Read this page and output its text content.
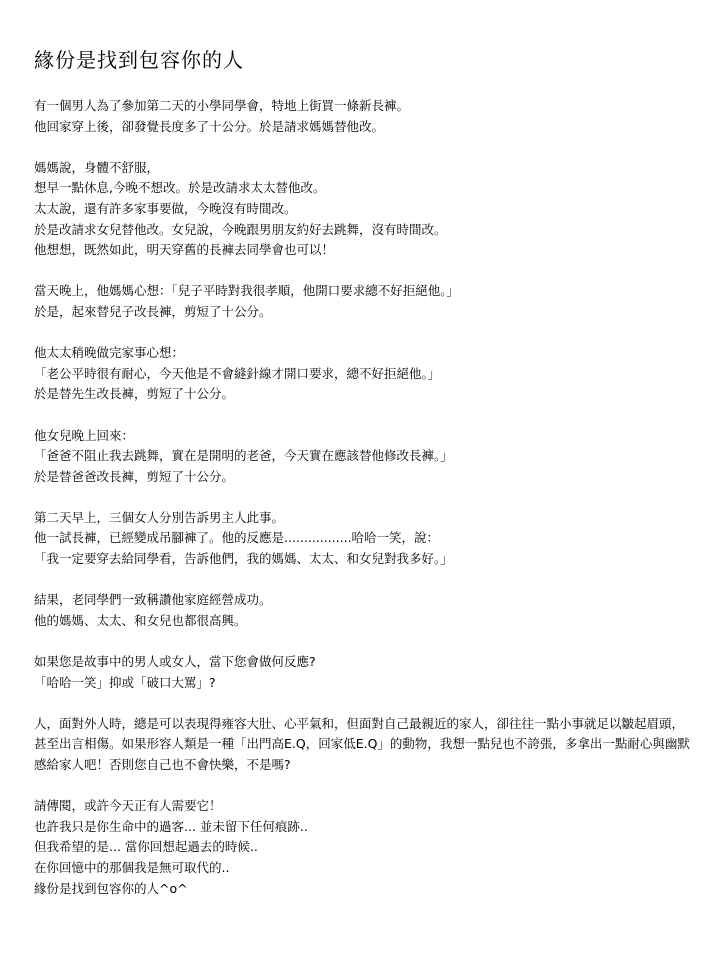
緣份是找到包容你的人
有一個男人為了參加第二天的小學同學會，特地上街買一條新長褲。
他回家穿上後，卻發覺長度多了十公分。於是請求媽媽替他改。
媽媽說，身體不舒服，
想早一點休息,今晚不想改。於是改請求太太替他改。
太太說，還有許多家事要做，今晚沒有時間改。
於是改請求女兒替他改。女兒說，今晚跟男朋友約好去跳舞，沒有時間改。
他想想，既然如此，明天穿舊的長褲去同學會也可以！
當天晚上，他媽媽心想：「兒子平時對我很孝順，他開口要求總不好拒絕他。」
於是，起來替兒子改長褲，剪短了十公分。
他太太稍晚做完家事心想：
「老公平時很有耐心，今天他是不會縫針線才開口要求，總不好拒絕他。」
於是替先生改長褲，剪短了十公分。
他女兒晚上回來：
「爸爸不阻止我去跳舞，實在是開明的老爸，今天實在應該替他修改長褲。」
於是替爸爸改長褲，剪短了十公分。
第二天早上，三個女人分別告訴男主人此事。
他一試長褲，已經變成吊腳褲了。他的反應是.................哈哈一笑，說：
「我一定要穿去給同學看，告訴他們，我的媽媽、太太、和女兒對我多好。」
結果，老同學們一致稱讚他家庭經營成功。
他的媽媽、太太、和女兒也都很高興。
如果您是故事中的男人或女人，當下您會做何反應?
「哈哈一笑」抑或「破口大罵」?
人，面對外人時，總是可以表現得雍容大肚、心平氣和，但面對自己最親近的家人，卻往往一點小事就足以皺起眉頭，甚至出言相傷。如果形容人類是一種「出門高E.Q，回家低E.Q」的動物，我想一點兒也不誇張，多拿出一點耐心與幽默感給家人吧！否則您自己也不會快樂，不是嗎?
請傳閱，或許今天正有人需要它！
也許我只是你生命中的過客... 並未留下任何痕跡..
但我希望的是... 當你回想起過去的時候..
在你回憶中的那個我是無可取代的..
緣份是找到包容你的人^o^
